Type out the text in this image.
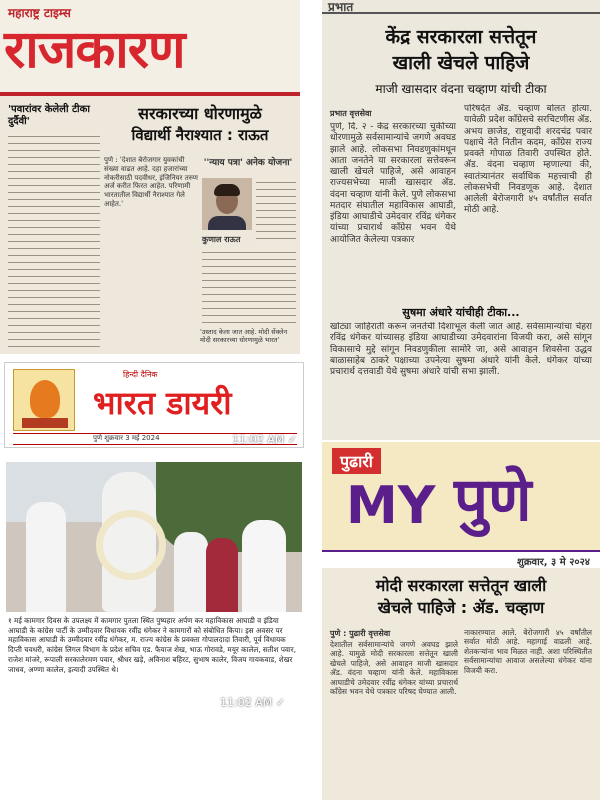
महाराष्ट्र टाइम्स
राजकारण
'पवारांवर केलेली टीका दुर्दैवी'	सरकारच्या धोरणामुळे
विद्यार्थी नैराश्यात : राऊत
पुणे : 'देशात बेरोजगार युवकांची संख्या वाढत आहे. दहा हजारांच्या नोकरीसाठी पदवीधर, इंजिनियर तरुण अर्ज करीत फिरत आहेत. परिणामी भारतातील विद्यार्थी नैराश्यात गेले आहेत.'
''न्याय पत्रा' अनेक योजना'
कुणाल राऊत
'उस्ताद केला जात आहे. मोदी सेंक्लेन मोदी सरकारच्या धोरणामुळे भारत'
प्रभात
केंद्र सरकारला सत्तेतून
खाली खेचले पाहिजे
माजी खासदार वंदना चव्हाण यांची टीका
प्रभात वृत्तसेवा
पुणे, दि. २ - केंद्र सरकारच्या चुकीच्या धोरणामुळे सर्वसामान्यांचे जगणे अवघड झाले आहे. लोकसभा निवडणुकांमधून आता जनतेने या सरकारला सत्तेवरून खाली खेचले पाहिजे, असे आवाहन राज्यसभेच्या माजी खासदार ॲड. वंदना चव्हाण यांनी केले. पुणे लोकसभा मतदार संघातील महाविकास आघाडी, इंडिया आघाडीचे उमेदवार रविंद्र धंगेकर यांच्या प्रचारार्थ काँग्रेस भवन येथे आयोजित केलेल्या पत्रकार
परिषदेत ॲड. चव्हाण बोलत होत्या. यावेळी प्रदेश काँग्रेसचे सरचिटणीस ॲड. अभय छाजेड, राष्ट्रवादी शरदचंद्र पवार पक्षाचे नेते नितीन कदम, काँग्रेस राज्य प्रवक्ते गोपाळ तिवारी उपस्थित होते. ॲड. वंदना चव्हाण म्हणाल्या की, स्वातंत्र्यानंतर सर्वाधिक महत्त्वाची ही लोकसभेची निवडणूक आहे. देशात आलेली बेरोजगारी ४५ वर्षांतील सर्वात मोठी आहे.
सुषमा अंधारे यांचीही टीका...
खोट्या जाहिराती करून जनतेची दिशाभूल केली जात आहे. सर्वसामान्यांचा चेहरा रविंद्र धंगेकर यांच्यासह इंडिया आघाडीच्या उमेदवारांना विजयी करा, असे सांगून विकासाचे मुद्दे सांगून निवडणुकीला सामोरे जा, असे आवाहन शिवसेना उद्धव बाळासाहेब ठाकरे पक्षाच्या उपनेत्या सुषमा अंधारे यांनी केले. धंगेकर यांच्या प्रचारार्थ दत्तवाडी येथे सुषमा अंधारे यांची सभा झाली.
हिन्दी दैनिक
भारत डायरी
पुणे शुक्रवार 3 मई 2024	11:02 AM ✓
१ मई कामगार दिवस के उपलक्ष्य में कामगार पुतला स्थित पुष्पहार अर्पण कर महाविकास आघाडी व इंडिया आघाडी के कांग्रेस पार्टी के उम्मीदवार विधायक रवींद्र धंगेकर ने कामगारों को संबोधित किया। इस अवसर पर महाविकास आघाडी के उम्मीदवार रवींद्र धंगेकर, म. राज्य कांग्रेस के प्रवक्ता गोपालदादा तिवारी, पूर्व विधायक दिप्ती चवधरी, कांग्रेस लिगल विभाग के प्रदेश सचिव एड. फैयाज शेख, भाऊ गोरावडे, मयूर कालेल, सतीश पवार, राजेश मांजरे, रूपाली सरकालेरमण पवार, श्रीधर खड़े, अविनाश बहिरट, सुभाष कालेर, विजय गायकवाड, शेखर जाधव, अण्णा कालेल, इत्यादी उपस्थित थे।
11:02 AM ✓
पुढारी
MY पुणे
शुक्रवार, ३ मे २०२४
मोदी सरकारला सत्तेतून खाली
खेचले पाहिजे : ॲड. चव्हाण
पुणे : पुढारी वृत्तसेवा
देशातील सर्वसामान्यांचे जगणे अवघड झाले आहे. यामुळे मोदी सरकारला सत्तेतून खाली खेचले पाहिजे, असे आवाहन माजी खासदार ॲड. वंदना चव्हाण यांनी केले. महाविकास आघाडीचे उमेदवार रवींद्र धंगेकर यांच्या प्रचारार्थ काँग्रेस भवन येथे पत्रकार परिषद घेण्यात आली.
नाकारण्यात आले. बेरोजगारी ४५ वर्षांतील सर्वात मोठी आहे. महागाई वाढली आहे. शेतकऱ्यांना भाव मिळत नाही. अशा परिस्थितीत सर्वसामान्यांचा आवाज असलेल्या धंगेकर यांना विजयी करा.
